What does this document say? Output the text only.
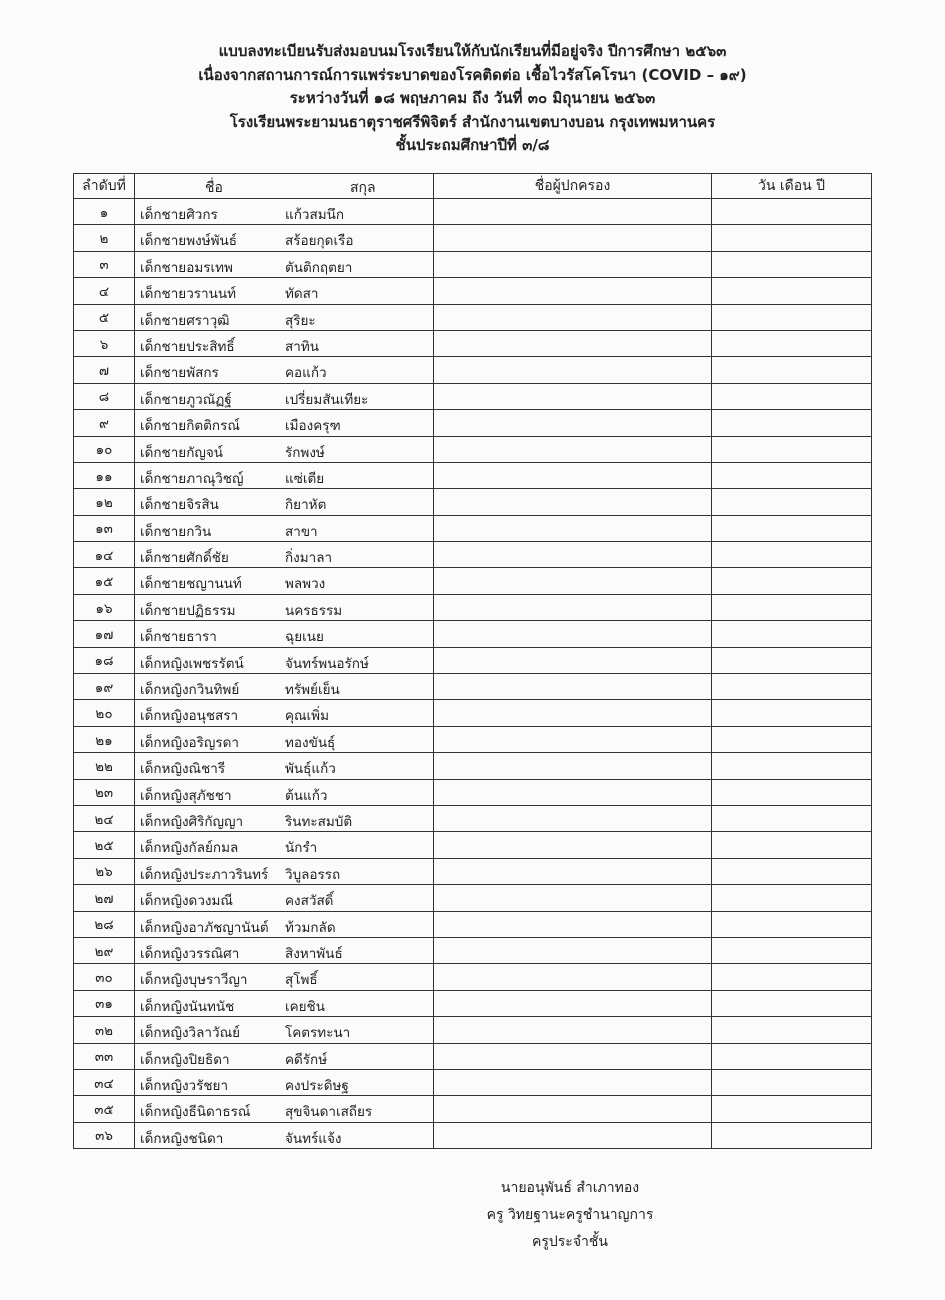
แบบลงทะเบียนรับส่งมอบนมโรงเรียนให้กับนักเรียนที่มีอยู่จริง ปีการศึกษา ๒๕๖๓
เนื่องจากสถานการณ์การแพร่ระบาดของโรคติดต่อ เชื้อไวรัสโคโรนา (COVID – ๑๙)
ระหว่างวันที่ ๑๘ พฤษภาคม ถึง วันที่ ๓๐ มิถุนายน ๒๕๖๓
โรงเรียนพระยามนธาตุราชศรีพิจิตร์ สำนักงานเขตบางบอน กรุงเทพมหานคร
ชั้นประถมศึกษาปีที่ ๓/๘
ลำดับที่	ชื่อ สกุล	ชื่อผู้ปกครอง	วัน เดือน ปี
๑	เด็กชายศิวกร แก้วสมนึก		

๒	เด็กชายพงษ์พันธ์ สร้อยกุดเรือ		

๓	เด็กชายอมรเทพ ตันติกฤตยา		

๔	เด็กชายวรานนท์ ทัดสา		

๕	เด็กชายศราวุฒิ สุริยะ		

๖	เด็กชายประสิทธิ์ สาทิน		

๗	เด็กชายพัสกร คอแก้ว		

๘	เด็กชายภูวณัฏฐ์ เปรี่ยมสันเทียะ		

๙	เด็กชายกิตติกรณ์ เมืองครุฑ		

๑๐	เด็กชายกัญจน์ รักพงษ์		

๑๑	เด็กชายภาณุวิชญ์ แซ่เตีย		

๑๒	เด็กชายจิรสิน กิยาหัต		

๑๓	เด็กชายกวิน สาขา		

๑๔	เด็กชายศักดิ์ชัย กิ่งมาลา		

๑๕	เด็กชายชญานนท์ พลพวง		

๑๖	เด็กชายปฏิธรรม นครธรรม		

๑๗	เด็กชายธารา ฉุยเนย		

๑๘	เด็กหญิงเพชรรัตน์ จันทร์พนอรักษ์		

๑๙	เด็กหญิงกวินทิพย์ ทรัพย์เย็น		

๒๐	เด็กหญิงอนุชสรา คุณเพิ่ม		

๒๑	เด็กหญิงอริญรดา ทองขันธุ์		

๒๒	เด็กหญิงณิชารี พันธุ์แก้ว		

๒๓	เด็กหญิงสุภัชชา ต้นแก้ว		

๒๔	เด็กหญิงศิริกัญญา รินทะสมบัติ		

๒๕	เด็กหญิงกัลย์กมล นักรำ		

๒๖	เด็กหญิงประภาวรินทร์ วิบูลอรรถ		

๒๗	เด็กหญิงดวงมณี คงสวัสดิ์		

๒๘	เด็กหญิงอาภัชญานันต์ ท้วมกลัด		

๒๙	เด็กหญิงวรรณิศา สิงหาพันธ์		

๓๐	เด็กหญิงบุษราวีญา สุโพธิ์		

๓๑	เด็กหญิงนันทนัช เคยชิน		

๓๒	เด็กหญิงวิลาวัณย์ โคตรทะนา		

๓๓	เด็กหญิงปิยธิดา คดีรักษ์		

๓๔	เด็กหญิงวรัชยา คงประดิษฐ		

๓๕	เด็กหญิงธีนิดาธรณ์ สุขจินดาเสถียร		

๓๖	เด็กหญิงชนิดา จันทร์แจ้ง		

นายอนุพันธ์ สำเภาทอง
ครู วิทยฐานะครูชำนาญการ
ครูประจำชั้น
